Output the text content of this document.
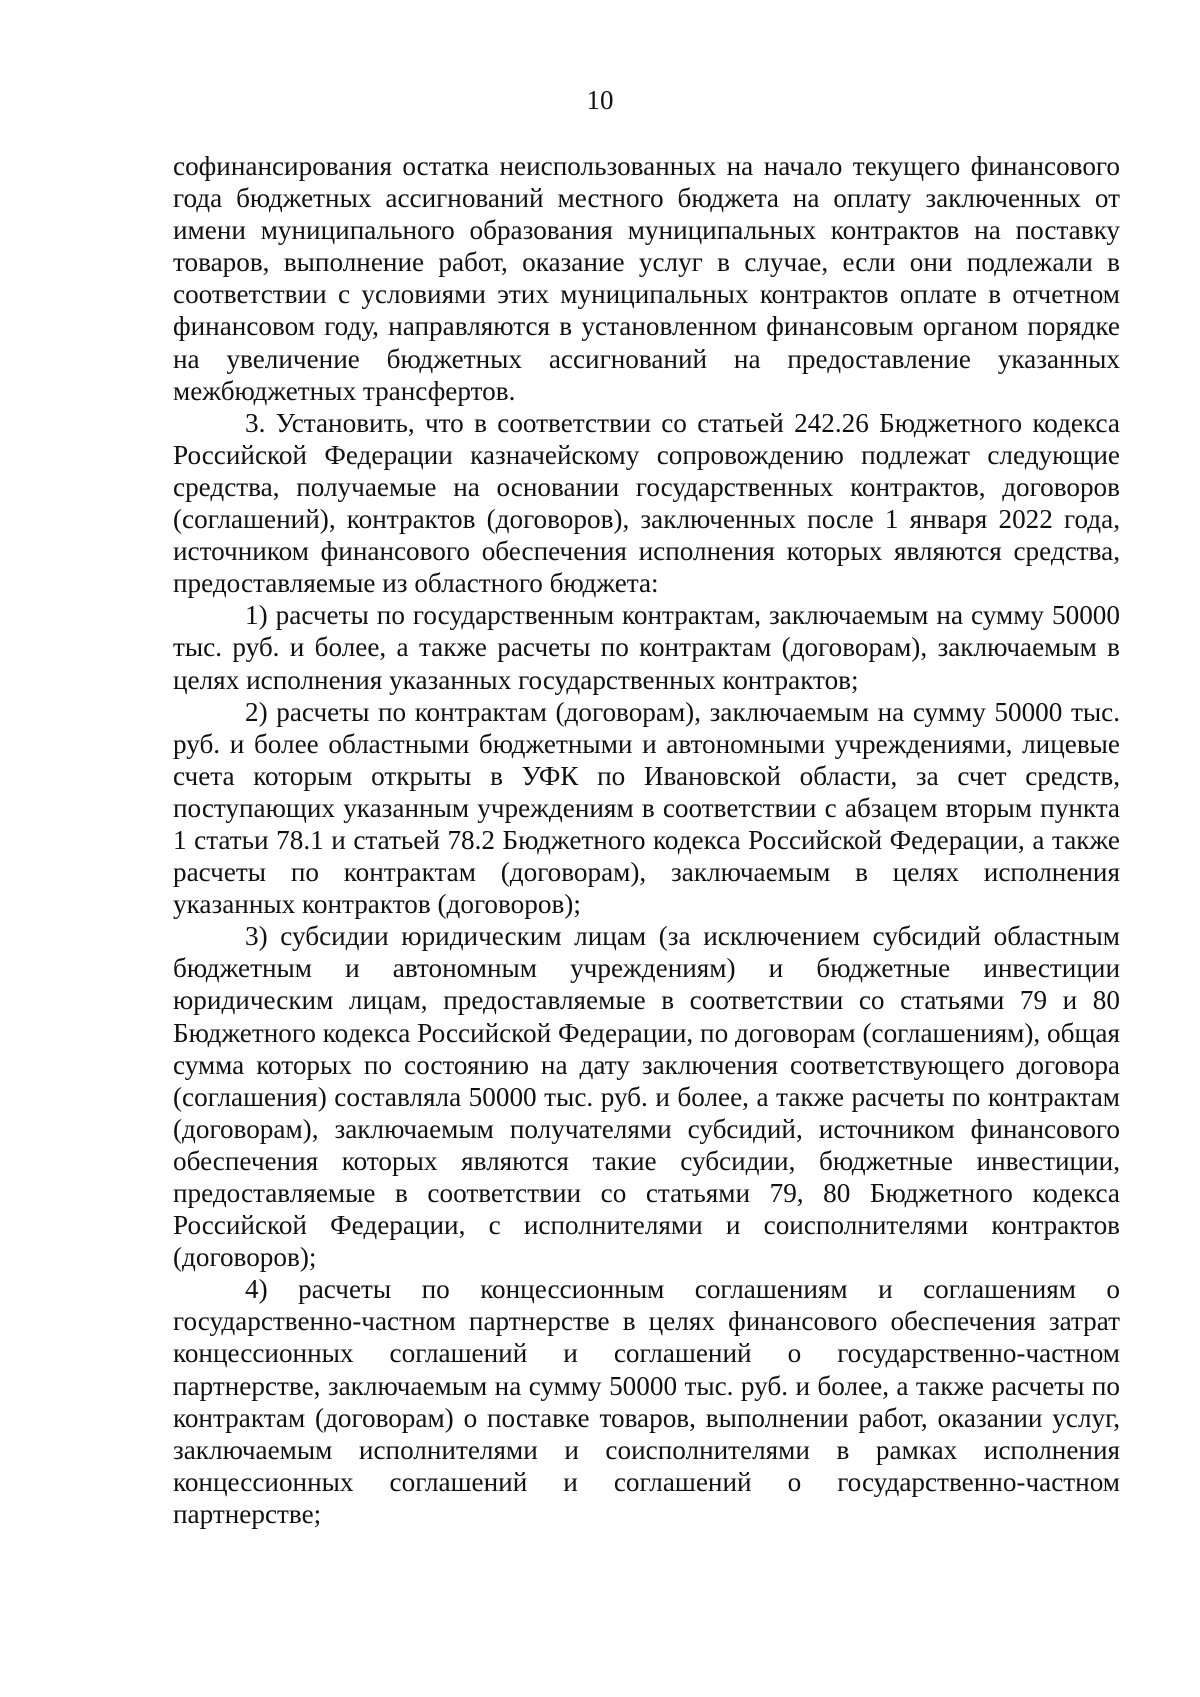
10

софинансирования остатка неиспользованных на начало текущего финансового года бюджетных ассигнований местного бюджета на оплату заключенных от имени муниципального образования муниципальных контрактов на поставку товаров, выполнение работ, оказание услуг в случае, если они подлежали в соответствии с условиями этих муниципальных контрактов оплате в отчетном финансовом году, направляются в установленном финансовым органом порядке на увеличение бюджетных ассигнований на предоставление указанных межбюджетных трансфертов.

3. Установить, что в соответствии со статьей 242.26 Бюджетного кодекса Российской Федерации казначейскому сопровождению подлежат следующие средства, получаемые на основании государственных контрактов, договоров (соглашений), контрактов (договоров), заключенных после 1 января 2022 года, источником финансового обеспечения исполнения которых являются средства, предоставляемые из областного бюджета:

1) расчеты по государственным контрактам, заключаемым на сумму 50000 тыс. руб. и более, а также расчеты по контрактам (договорам), заключаемым в целях исполнения указанных государственных контрактов;

2) расчеты по контрактам (договорам), заключаемым на сумму 50000 тыс. руб. и более областными бюджетными и автономными учреждениями, лицевые счета которым открыты в УФК по Ивановской области, за счет средств, поступающих указанным учреждениям в соответствии с абзацем вторым пункта 1 статьи 78.1 и статьей 78.2 Бюджетного кодекса Российской Федерации, а также расчеты по контрактам (договорам), заключаемым в целях исполнения указанных контрактов (договоров);

3) субсидии юридическим лицам (за исключением субсидий областным бюджетным и автономным учреждениям) и бюджетные инвестиции юридическим лицам, предоставляемые в соответствии со статьями 79 и 80 Бюджетного кодекса Российской Федерации, по договорам (соглашениям), общая сумма которых по состоянию на дату заключения соответствующего договора (соглашения) составляла 50000 тыс. руб. и более, а также расчеты по контрактам (договорам), заключаемым получателями субсидий, источником финансового обеспечения которых являются такие субсидии, бюджетные инвестиции, предоставляемые в соответствии со статьями 79, 80 Бюджетного кодекса Российской Федерации, с исполнителями и соисполнителями контрактов (договоров);

4) расчеты по концессионным соглашениям и соглашениям о государственно-частном партнерстве в целях финансового обеспечения затрат концессионных соглашений и соглашений о государственно-частном партнерстве, заключаемым на сумму 50000 тыс. руб. и более, а также расчеты по контрактам (договорам) о поставке товаров, выполнении работ, оказании услуг, заключаемым исполнителями и соисполнителями в рамках исполнения концессионных соглашений и соглашений о государственно-частном партнерстве;
